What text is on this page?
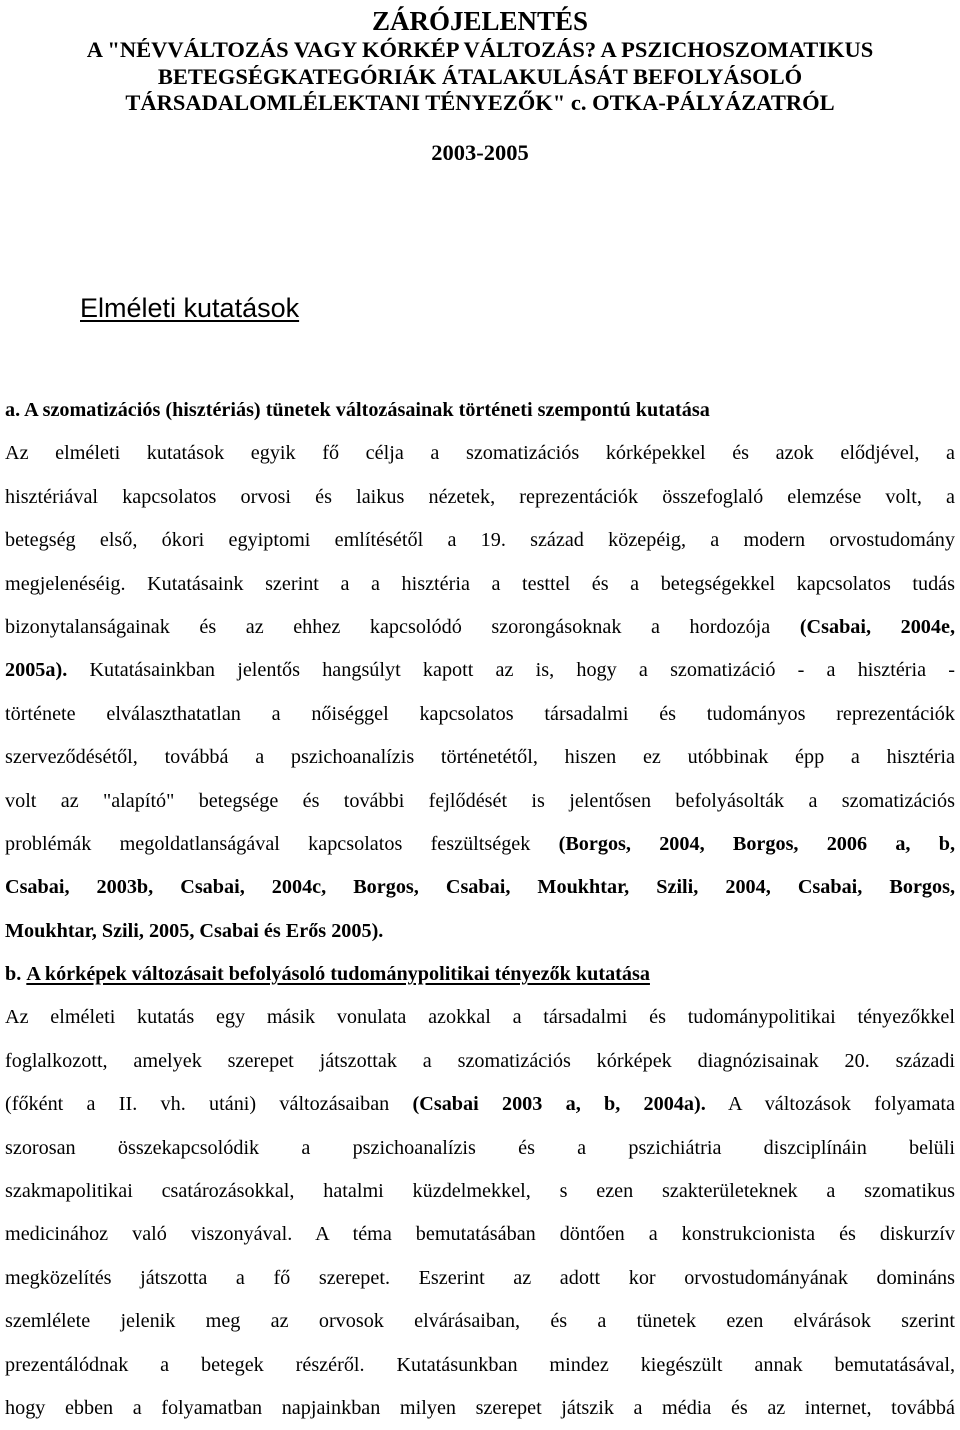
ZÁRÓJELENTÉS
A "NÉVVÁLTOZÁS VAGY KÓRKÉP VÁLTOZÁS? A PSZICHOSZOMATIKUS
BETEGSÉGKATEGÓRIÁK ÁTALAKULÁSÁT BEFOLYÁSOLÓ
TÁRSADALOMLÉLEKTANI TÉNYEZŐK" c. OTKA-PÁLYÁZATRÓL
2003-2005
Elméleti kutatások
a. A szomatizációs (hisztériás) tünetek változásainak történeti szempontú kutatása
Az elméleti kutatások egyik fő célja a szomatizációs kórképekkel és azok elődjével, a
hisztériával kapcsolatos orvosi és laikus nézetek, reprezentációk összefoglaló elemzése volt, a
betegség első, ókori egyiptomi említésétől a 19. század közepéig, a modern orvostudomány
megjelenéséig. Kutatásaink szerint a a hisztéria a testtel és a betegségekkel kapcsolatos tudás
bizonytalanságainak és az ehhez kapcsolódó szorongásoknak a hordozója (Csabai, 2004e,
2005a). Kutatásainkban jelentős hangsúlyt kapott az is, hogy a szomatizáció - a hisztéria -
története elválaszthatatlan a nőiséggel kapcsolatos társadalmi és tudományos reprezentációk
szerveződésétől, továbbá a pszichoanalízis történetétől, hiszen ez utóbbinak épp a hisztéria
volt az "alapító" betegsége és további fejlődését is jelentősen befolyásolták a szomatizációs
problémák megoldatlanságával kapcsolatos feszültségek (Borgos, 2004, Borgos, 2006 a, b,
Csabai, 2003b, Csabai, 2004c, Borgos, Csabai, Moukhtar, Szili, 2004, Csabai, Borgos,
Moukhtar, Szili, 2005, Csabai és Erős 2005).
b. A kórképek változásait befolyásoló tudománypolitikai tényezők kutatása
Az elméleti kutatás egy másik vonulata azokkal a társadalmi és tudománypolitikai tényezőkkel
foglalkozott, amelyek szerepet játszottak a szomatizációs kórképek diagnózisainak 20. századi
(főként a II. vh. utáni) változásaiban (Csabai 2003 a, b, 2004a). A változások folyamata
szorosan összekapcsolódik a pszichoanalízis és a pszichiátria diszciplínáin belüli
szakmapolitikai csatározásokkal, hatalmi küzdelmekkel, s ezen szakterületeknek a szomatikus
medicinához való viszonyával. A téma bemutatásában döntően a konstrukcionista és diskurzív
megközelítés játszotta a fő szerepet. Eszerint az adott kor orvostudományának domináns
szemlélete jelenik meg az orvosok elvárásaiban, és a tünetek ezen elvárások szerint
prezentálódnak a betegek részéről. Kutatásunkban mindez kiegészült annak bemutatásával,
hogy ebben a folyamatban napjainkban milyen szerepet játszik a média és az internet, továbbá
